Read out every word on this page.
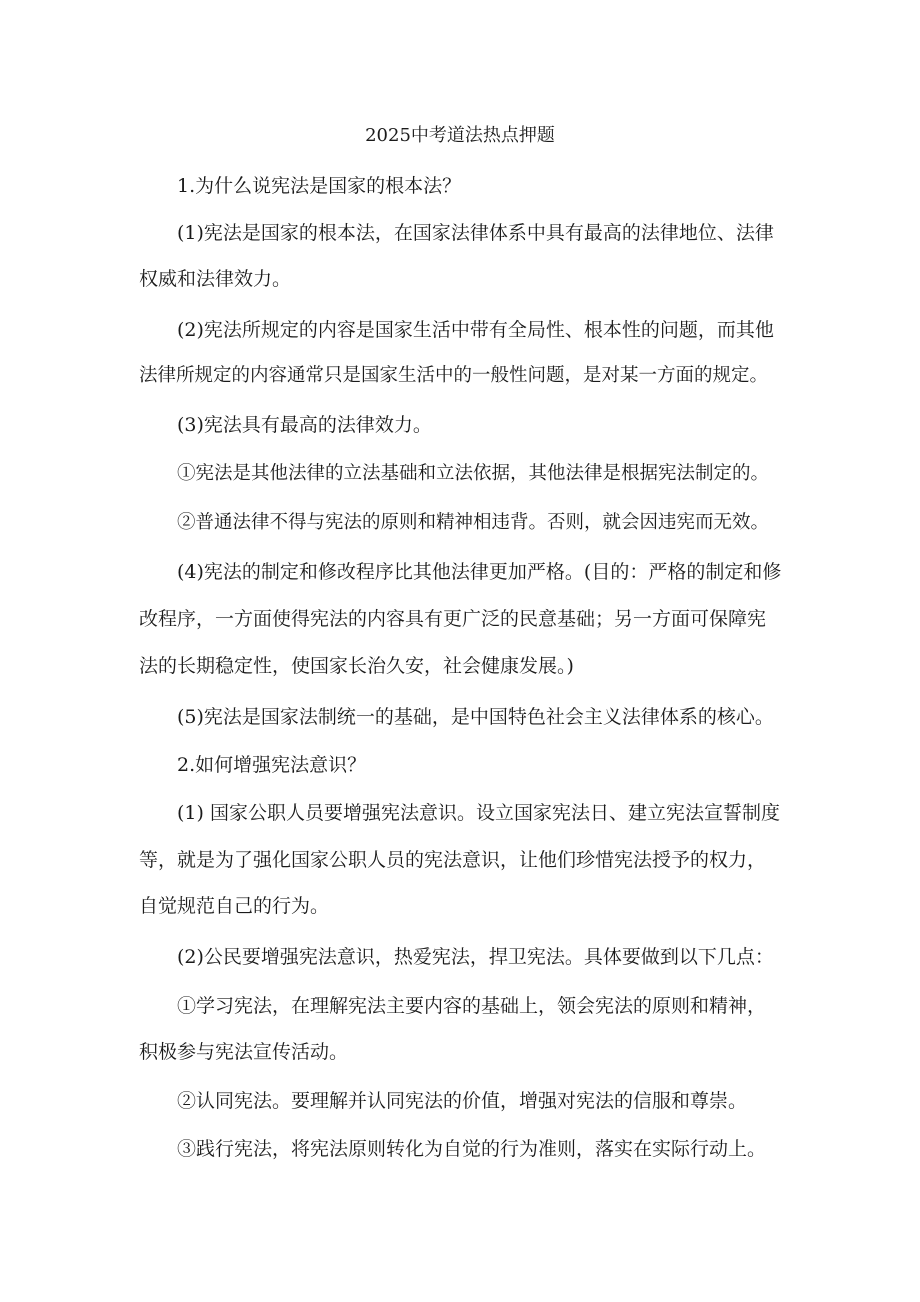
2025中考道法热点押题
1.为什么说宪法是国家的根本法？
(1)宪法是国家的根本法，在国家法律体系中具有最高的法律地位、法律
权威和法律效力。
(2)宪法所规定的内容是国家生活中带有全局性、根本性的问题，而其他
法律所规定的内容通常只是国家生活中的一般性问题，是对某一方面的规定。
(3)宪法具有最高的法律效力。
①宪法是其他法律的立法基础和立法依据，其他法律是根据宪法制定的。
②普通法律不得与宪法的原则和精神相违背。否则，就会因违宪而无效。
(4)宪法的制定和修改程序比其他法律更加严格。(目的：严格的制定和修
改程序，一方面使得宪法的内容具有更广泛的民意基础；另一方面可保障宪
法的长期稳定性，使国家长治久安，社会健康发展。)
(5)宪法是国家法制统一的基础，是中国特色社会主义法律体系的核心。
2.如何增强宪法意识？
(1) 国家公职人员要增强宪法意识。设立国家宪法日、建立宪法宣誓制度
等，就是为了强化国家公职人员的宪法意识，让他们珍惜宪法授予的权力，
自觉规范自己的行为。
(2)公民要增强宪法意识，热爱宪法，捍卫宪法。具体要做到以下几点：
①学习宪法，在理解宪法主要内容的基础上，领会宪法的原则和精神，
积极参与宪法宣传活动。
②认同宪法。要理解并认同宪法的价值，增强对宪法的信服和尊崇。
③践行宪法，将宪法原则转化为自觉的行为准则，落实在实际行动上。
